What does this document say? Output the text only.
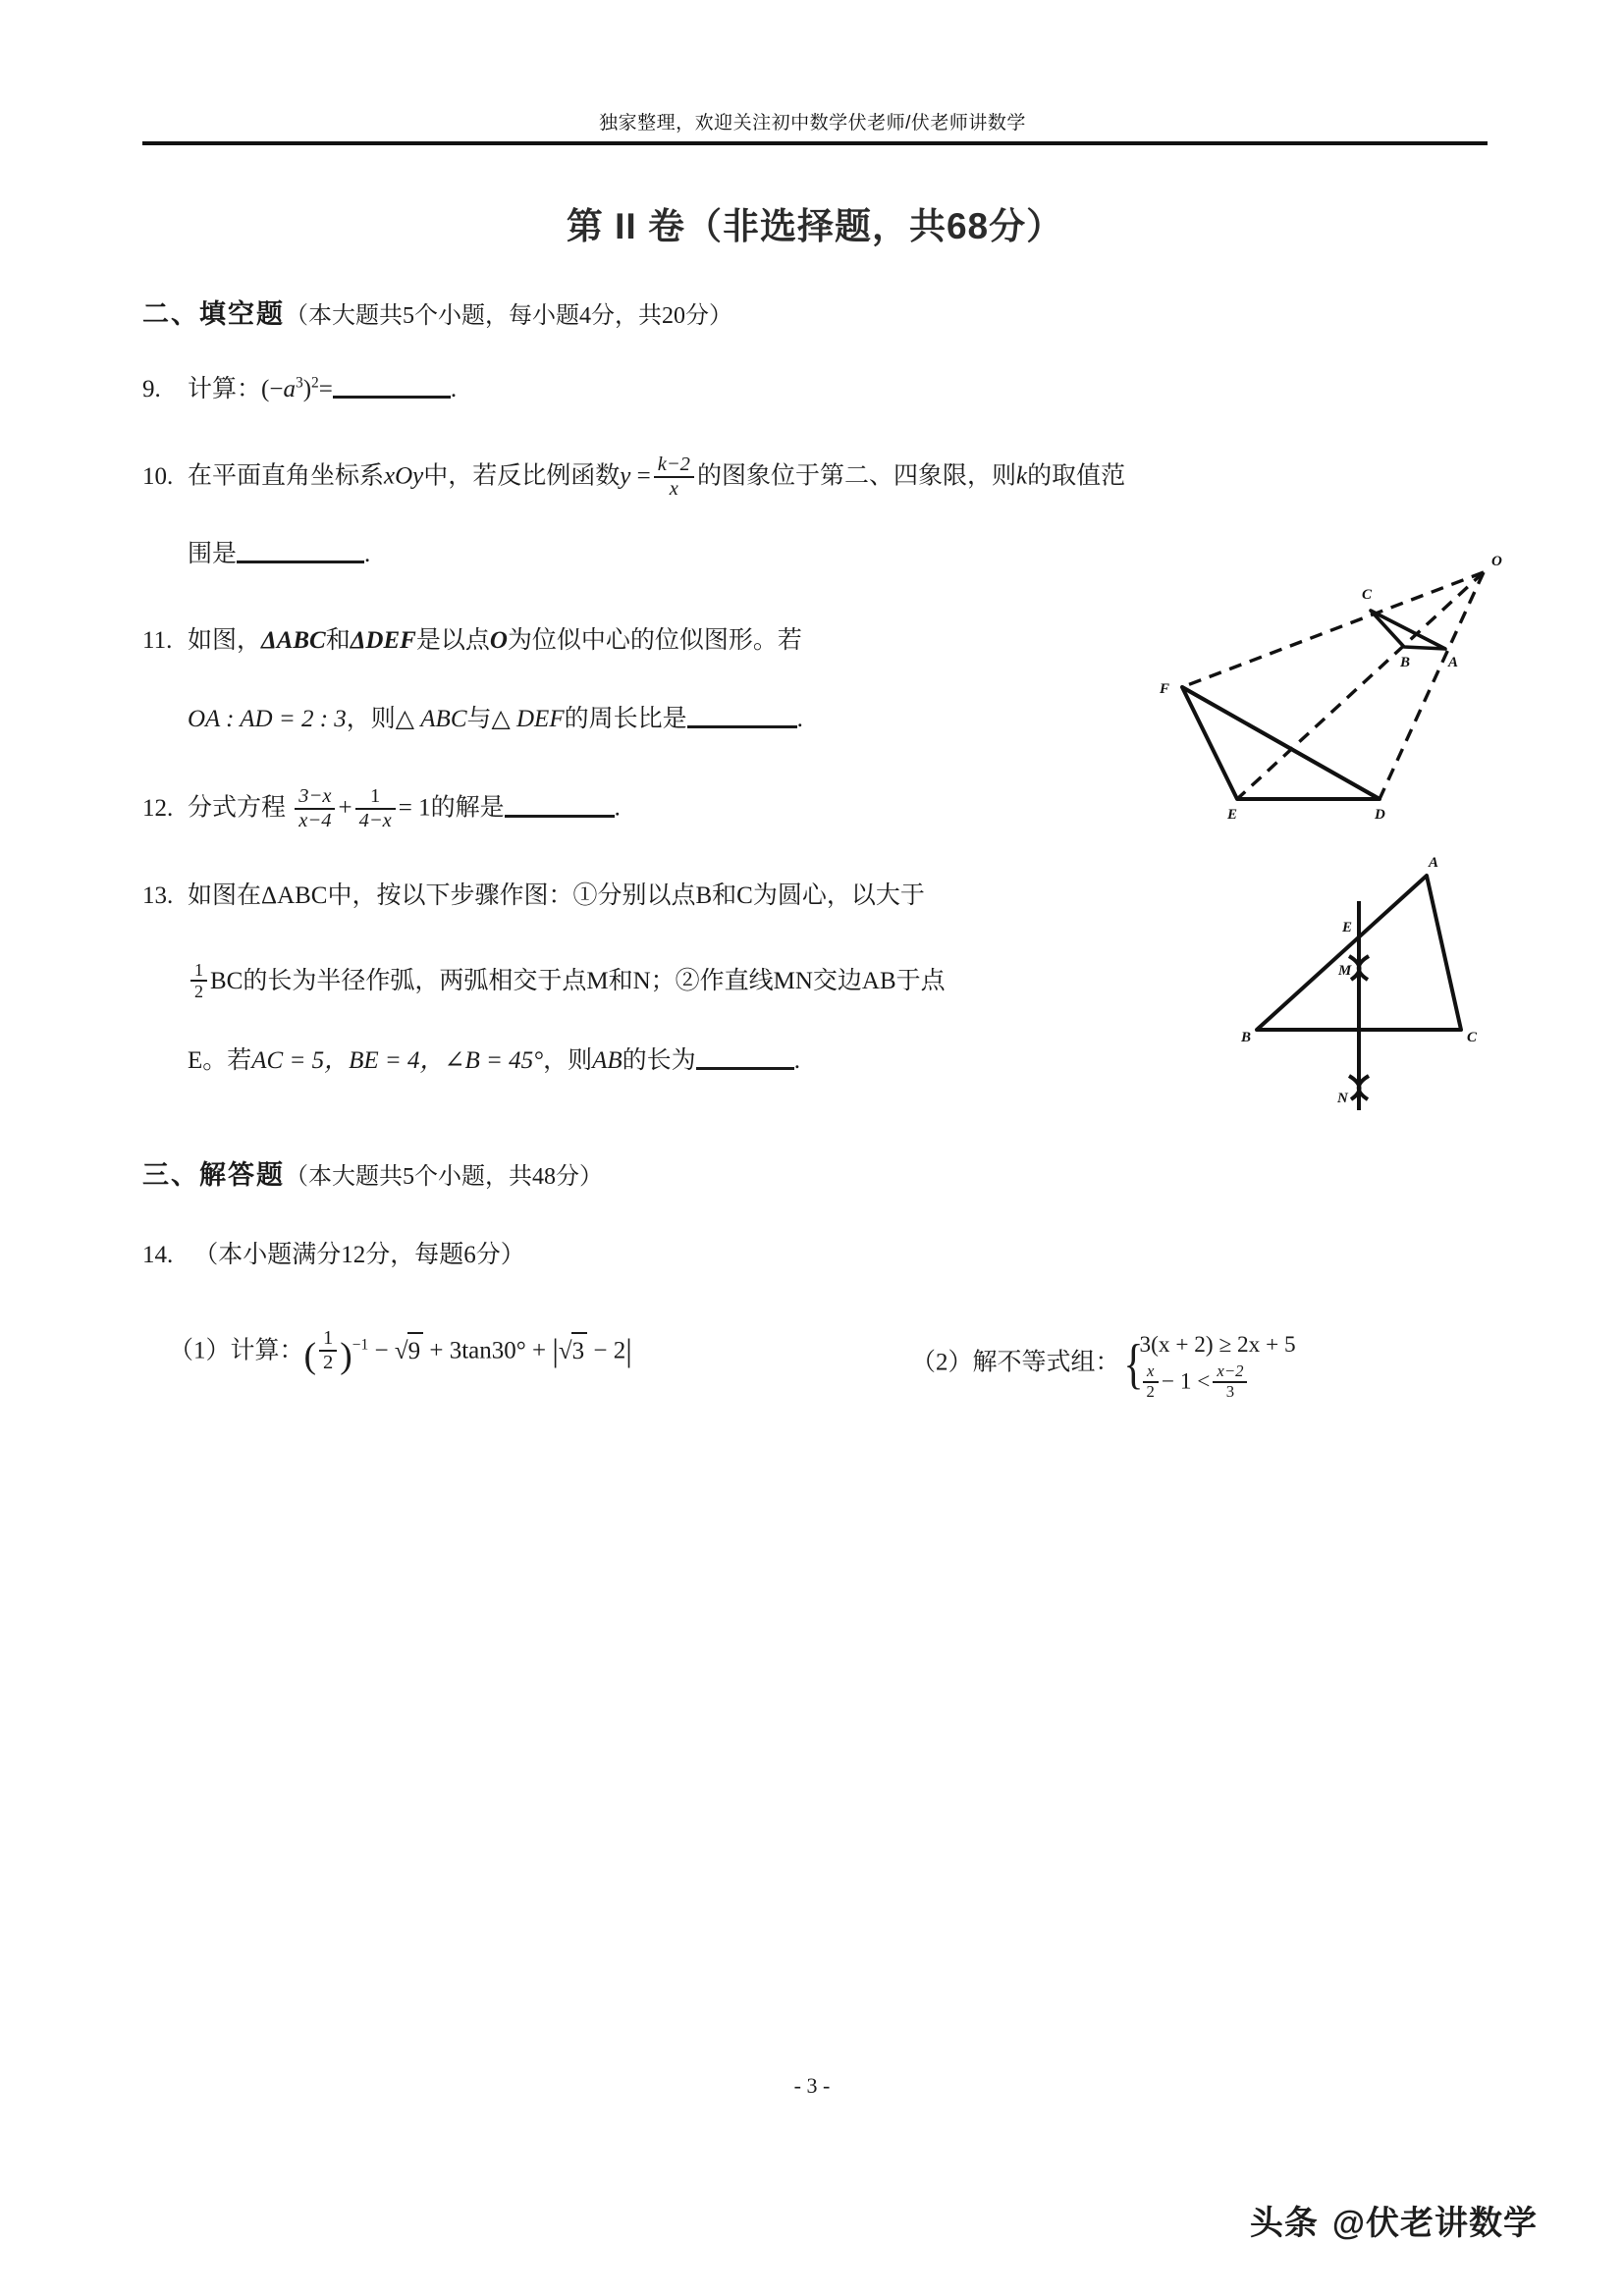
独家整理，欢迎关注初中数学伏老师/伏老师讲数学
第 II 卷（非选择题，共68分）
二、填空题（本大题共5个小题，每小题4分，共20分）
9. 计算：$(-a^3)^2=$	.
10. 在平面直角坐标系xOy中，若反比例函数$y = \frac{k-2}{x}$ 的图象位于第二、四象限，则k的取值范
围是	.
11. 如图，ΔABC和ΔDEF是以点O为位似中心的位似图形。若
OA : AD = 2 : 3，则△ ABC与△ DEF的周长比是	.
O
C
B	A
F
E	D
12. 分式方程 $\frac{3-x}{x-4} + \frac{1}{4-x} = 1$的解是	.
13. 如图在ΔABC中，按以下步骤作图：①分别以点B和C为圆心，以大于
$\frac{1}{2}$ BC的长为半径作弧，两弧相交于点M和N；②作直线MN交边AB于点
E。若AC = 5，BE = 4，∠B = 45°，则AB的长为	.
A
E
M
B	C
N
三、解答题（本大题共5个小题，共48分）
14. （本小题满分12分，每题6分）
（1）计算：( $\frac{1}{2} )^{-1} - √9 + 3\tan 30^\circ + |√3 - 2|$	（2）解不等式组： {
3(x + 2) ≥ 2x + 5
$\frac{x}{2} - 1 < \frac{x-2}{3}$
- 3 -
头条 @伏老讲数学
